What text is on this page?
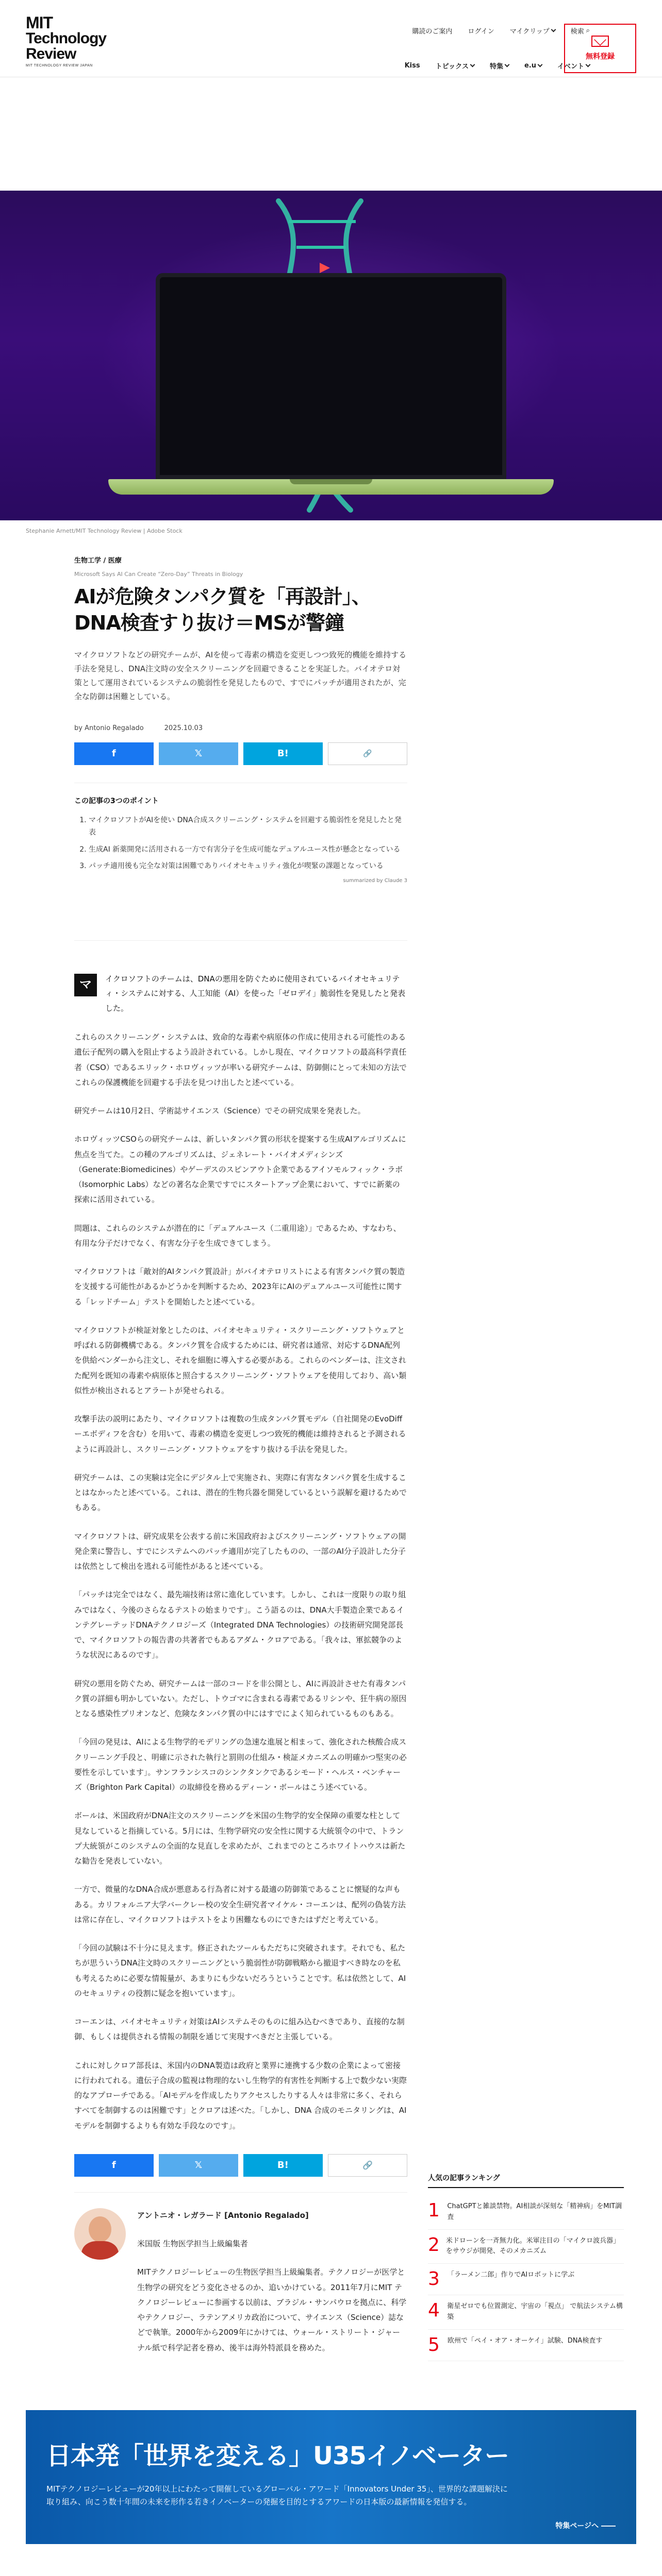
MIT
Technology
Review
MIT TECHNOLOGY REVIEW JAPAN
購読のご案内 ログイン マイクリップ	検索 ⌕
Kiss トピックス	特集	e.u	イベント
無料登録

Stephanie Arnett/MIT Technology Review | Adobe Stock

生物工学 / 医療

Microsoft Says AI Can Create “Zero-Day” Threats in Biology

AIが危険タンパク質を「再設計」、DNA検査すり抜け＝MSが警鐘

マイクロソフトなどの研究チームが、AIを使って毒素の構造を変更しつつ致死的機能を維持する手法を発見し、DNA注文時の安全スクリーニングを回避できることを実証した。バイオテロ対策として運用されているシステムの脆弱性を発見したもので、すでにパッチが適用されたが、完全な防御は困難としている。

by Antonio Regalado	2025.10.03
f	𝕏	B!	🔗
この記事の3つのポイント
1. マイクロソフトがAIを使い DNA合成スクリーニング・システムを回避する脆弱性を発見したと発表
2. 生成AI 新薬開発に活用される一方で有害分子を生成可能なデュアルユース性が懸念となっている
3. パッチ適用後も完全な対策は困難でありバイオセキュリティ強化が喫緊の課題となっている

summarized by Claude 3

マ	イクロソフトのチームは、DNAの悪用を防ぐために使用されているバイオセキュリティ・システムに対する、人工知能（AI）を使った「ゼロデイ」脆弱性を発見したと発表した。

これらのスクリーニング・システムは、致命的な毒素や病原体の作成に使用される可能性のある遺伝子配列の購入を阻止するよう設計されている。しかし現在、マイクロソフトの最高科学責任者（CSO）であるエリック・ホロヴィッツが率いる研究チームは、防御側にとって未知の方法でこれらの保護機能を回避する手法を見つけ出したと述べている。

研究チームは10月2日、学術誌サイエンス（Science）でその研究成果を発表した。

ホロヴィッツCSOらの研究チームは、新しいタンパク質の形状を提案する生成AIアルゴリズムに焦点を当てた。この種のアルゴリズムは、ジェネレート・バイオメディシンズ（Generate:Biomedicines）やゲーデスのスピンアウト企業であるアイソモルフィック・ラボ（Isomorphic Labs）などの著名な企業ですでにスタートアップ企業において、すでに新薬の探索に活用されている。

問題は、これらのシステムが潜在的に「デュアルユース（二重用途）」であるため、すなわち、有用な分子だけでなく、有害な分子を生成できてしまう。

マイクロソフトは「敵対的AIタンパク質設計」がバイオテロリストによる有害タンパク質の製造を支援する可能性があるかどうかを判断するため、2023年にAIのデュアルユース可能性に関する「レッドチーム」テストを開始したと述べている。

マイクロソフトが検証対象としたのは、バイオセキュリティ・スクリーニング・ソフトウェアと呼ばれる防御機構である。タンパク質を合成するためには、研究者は通常、対応するDNA配列を供給ベンダーから注文し、それを細胞に導入する必要がある。これらのベンダーは、注文された配列を既知の毒素や病原体と照合するスクリーニング・ソフトウェアを使用しており、高い類似性が検出されるとアラートが発せられる。

攻撃手法の説明にあたり、マイクロソフトは複数の生成タンパク質モデル（自社開発のEvoDiffーエボディフを含む）を用いて、毒素の構造を変更しつつ致死的機能は維持されると予測されるように再設計し、スクリーニング・ソフトウェアをすり抜ける手法を発見した。

研究チームは、この実験は完全にデジタル上で実施され、実際に有害なタンパク質を生成することはなかったと述べている。これは、潜在的生物兵器を開発しているという誤解を避けるためでもある。

マイクロソフトは、研究成果を公表する前に米国政府およびスクリーニング・ソフトウェアの開発企業に警告し、すでにシステムへのパッチ適用が完了したものの、一部のAI分子設計した分子は依然として検出を逃れる可能性があると述べている。

「パッチは完全ではなく、最先端技術は常に進化しています。しかし、これは一度限りの取り組みではなく、今後のさらなるテストの始まりです」。こう語るのは、DNA大手製造企業であるインテグレーテッドDNAテクノロジーズ（Integrated DNA Technologies）の技術研究開発部長で、マイクロソフトの報告書の共著者でもあるアダム・クロアである。「我々は、軍拡競争のような状況にあるのです」。

研究の悪用を防ぐため、研究チームは一部のコードを非公開とし、AIに再設計させた有毒タンパク質の詳細も明かしていない。ただし、トウゴマに含まれる毒素であるリシンや、狂牛病の原因となる感染性プリオンなど、危険なタンパク質の中にはすでによく知られているものもある。

「今回の発見は、AIによる生物学的モデリングの急速な進展と相まって、強化された核酸合成スクリーニング手段と、明確に示された執行と罰則の仕組み・検証メカニズムの明確かつ堅実の必要性を示しています」。サンフランシスコのシンクタンクであるシモード・ヘルス・ベンチャーズ（Brighton Park Capital）の取締役を務めるディーン・ボールはこう述べている。

ボールは、米国政府がDNA注文のスクリーニングを米国の生物学的安全保障の重要な柱として見なしていると指摘している。5月には、生物学研究の安全性に関する大統領令の中で、トランプ大統領がこのシステムの全面的な見直しを求めたが、これまでのところホワイトハウスは新たな勧告を発表していない。

一方で、微量的なDNA合成が悪意ある行為者に対する最適の防御策であることに懐疑的な声もある。カリフォルニア大学バークレー校の安全生研究者マイケル・コーエンは、配列の偽装方法は常に存在し、マイクロソフトはテストをより困難なものにできたはずだと考えている。

「今回の試験は不十分に見えます。修正されたツールもただちに突破されます。それでも、私たちが思ういうDNA注文時のスクリーニングという脆弱性が防御戦略から撤退すべき時なのを私も考えるために必要な情報量が、あまりにも少ないだろうということです。私は依然として、AI のセキュリティの役割に疑念を抱いています」。

コーエンは、バイオセキュリティ対策はAIシステムそのものに組み込むべきであり、直接的な制御、もしくは提供される情報の制限を通じて実現すべきだと主張している。

これに対しクロア部長は、米国内のDNA製造は政府と業界に連携する少数の企業によって密接に行われてれる。遺伝子合成の監視は物理的ないし生物学的有害性を判断する上で数少ない実際的なアプローチである。「AIモデルを作成したりアクセスしたりする人々は非常に多く、それらすべてを制御するのは困難です」とクロアは述べた。「しかし、DNA 合成のモニタリングは、AI モデルを制御するよりも有効な手段なのです」。

f	𝕏	B!	🔗

アントニオ・レガラード [Antonio Regalado]

米国版 生物医学担当上級編集者

MITテクノロジーレビューの生物医学担当上級編集者。テクノロジーが医学と生物学の研究をどう変化させるのか、追いかけている。2011年7月にMIT テクノロジーレビューに参画する以前は、ブラジル・サンパウロを拠点に、科学やテクノロジー、ラテンアメリカ政治について、サイエンス（Science）誌などで執筆。2000年から2009年にかけては、ウォール・ストリート・ジャーナル紙で科学記者を務め、後半は海外特派員を務めた。

人気の記事ランキング
1 ChatGPTと雑談禁物。AI相談が深刻な「精神病」をMIT調査
2 米ドローンを一斉無力化。米軍注目の「マイクロ波兵器」をサウジが開発、そのメカニズム
3 「ラーメン二郎」作りでAIロボットに学ぶ
4 衛星ゼロでも位置測定、宇宙の「視点」 で航法システム構築
5 欧州で「ペイ・オア・オーケイ」試験、DNA検査す
日本発「世界を変える」U35イノベーター

MITテクノロジーレビューが20年以上にわたって開催しているグローバル・アワード「Innovators Under 35」、世界的な課題解決に取り組み、向こう数十年間の未来を形作る若きイノベーターの発掘を目的とするアワードの日本版の最新情報を発信する。

特集ページへ ――
